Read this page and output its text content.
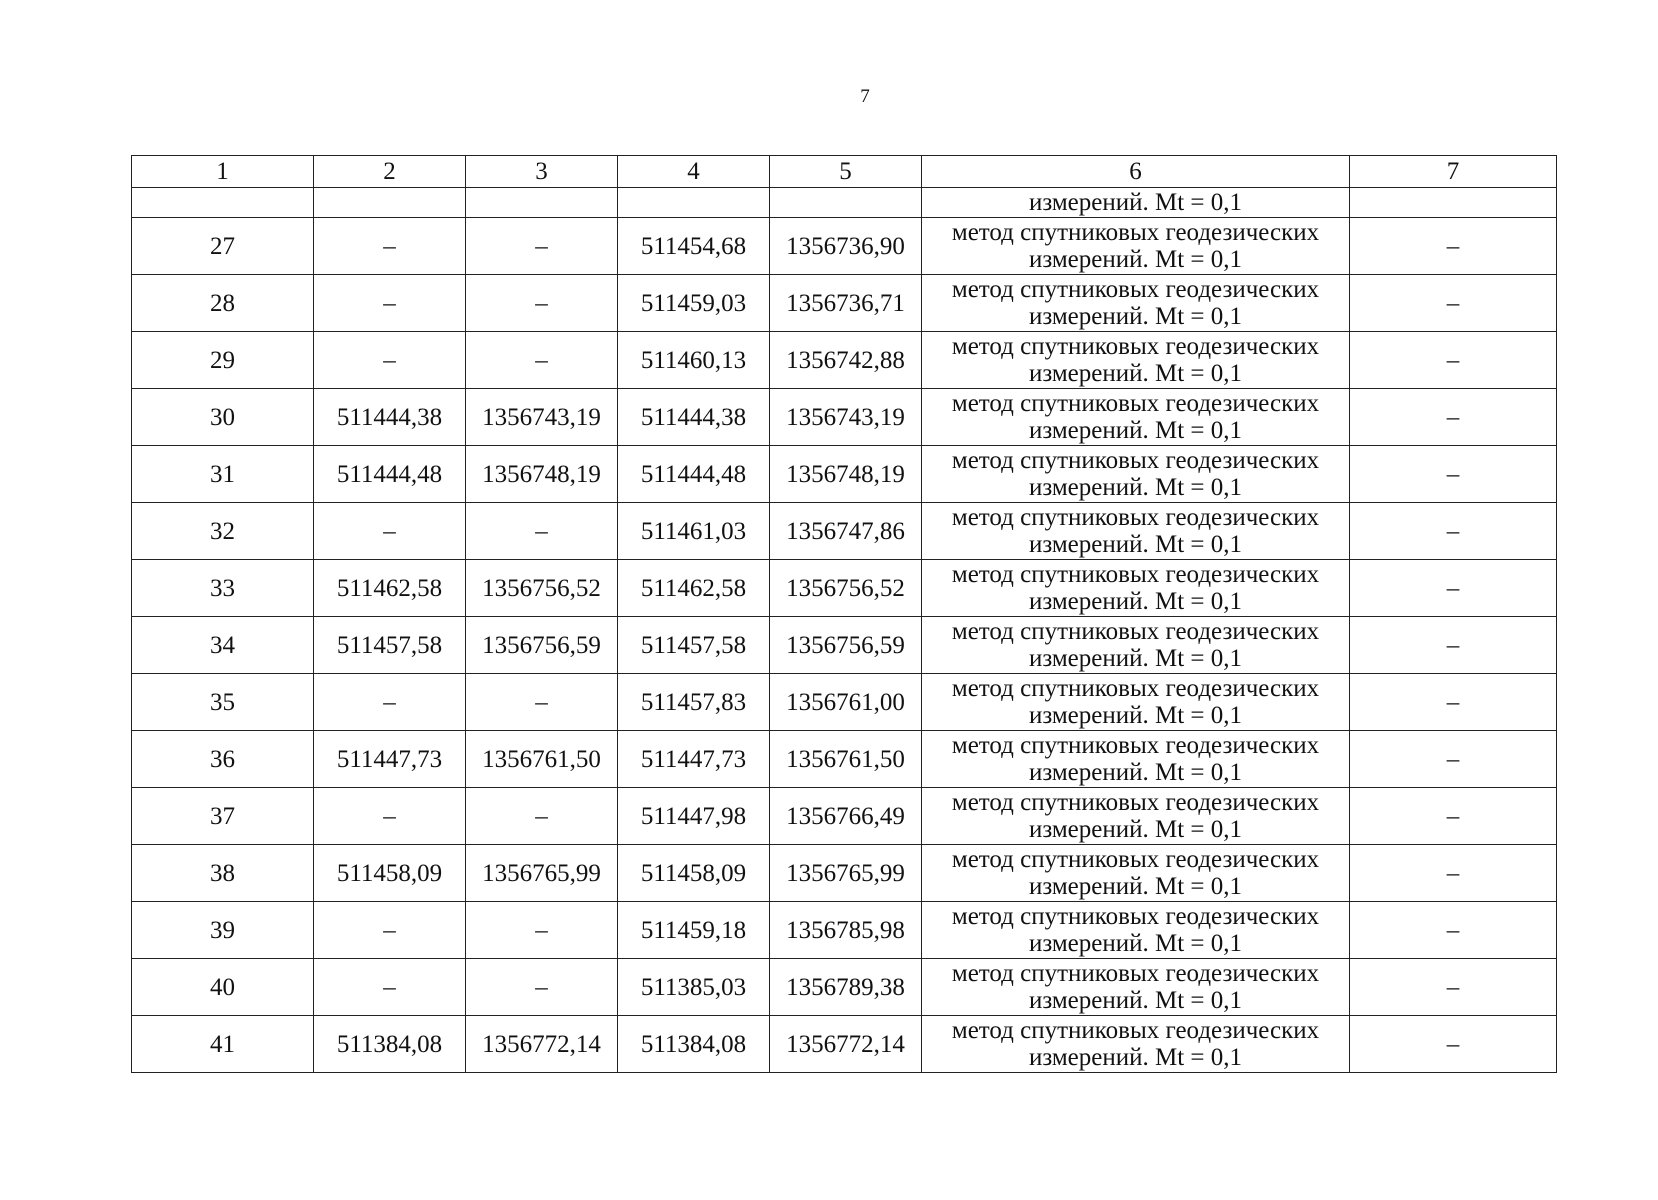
7
1	2	3	4	5	6	7
					измерений. Mt = 0,1	
27	–	–	511454,68	1356736,90	метод спутниковых геодезических измерений. Mt = 0,1	–
28	–	–	511459,03	1356736,71	метод спутниковых геодезических измерений. Mt = 0,1	–
29	–	–	511460,13	1356742,88	метод спутниковых геодезических измерений. Mt = 0,1	–
30	511444,38	1356743,19	511444,38	1356743,19	метод спутниковых геодезических измерений. Mt = 0,1	–
31	511444,48	1356748,19	511444,48	1356748,19	метод спутниковых геодезических измерений. Mt = 0,1	–
32	–	–	511461,03	1356747,86	метод спутниковых геодезических измерений. Mt = 0,1	–
33	511462,58	1356756,52	511462,58	1356756,52	метод спутниковых геодезических измерений. Mt = 0,1	–
34	511457,58	1356756,59	511457,58	1356756,59	метод спутниковых геодезических измерений. Mt = 0,1	–
35	–	–	511457,83	1356761,00	метод спутниковых геодезических измерений. Mt = 0,1	–
36	511447,73	1356761,50	511447,73	1356761,50	метод спутниковых геодезических измерений. Mt = 0,1	–
37	–	–	511447,98	1356766,49	метод спутниковых геодезических измерений. Mt = 0,1	–
38	511458,09	1356765,99	511458,09	1356765,99	метод спутниковых геодезических измерений. Mt = 0,1	–
39	–	–	511459,18	1356785,98	метод спутниковых геодезических измерений. Mt = 0,1	–
40	–	–	511385,03	1356789,38	метод спутниковых геодезических измерений. Mt = 0,1	–
41	511384,08	1356772,14	511384,08	1356772,14	метод спутниковых геодезических измерений. Mt = 0,1	–
